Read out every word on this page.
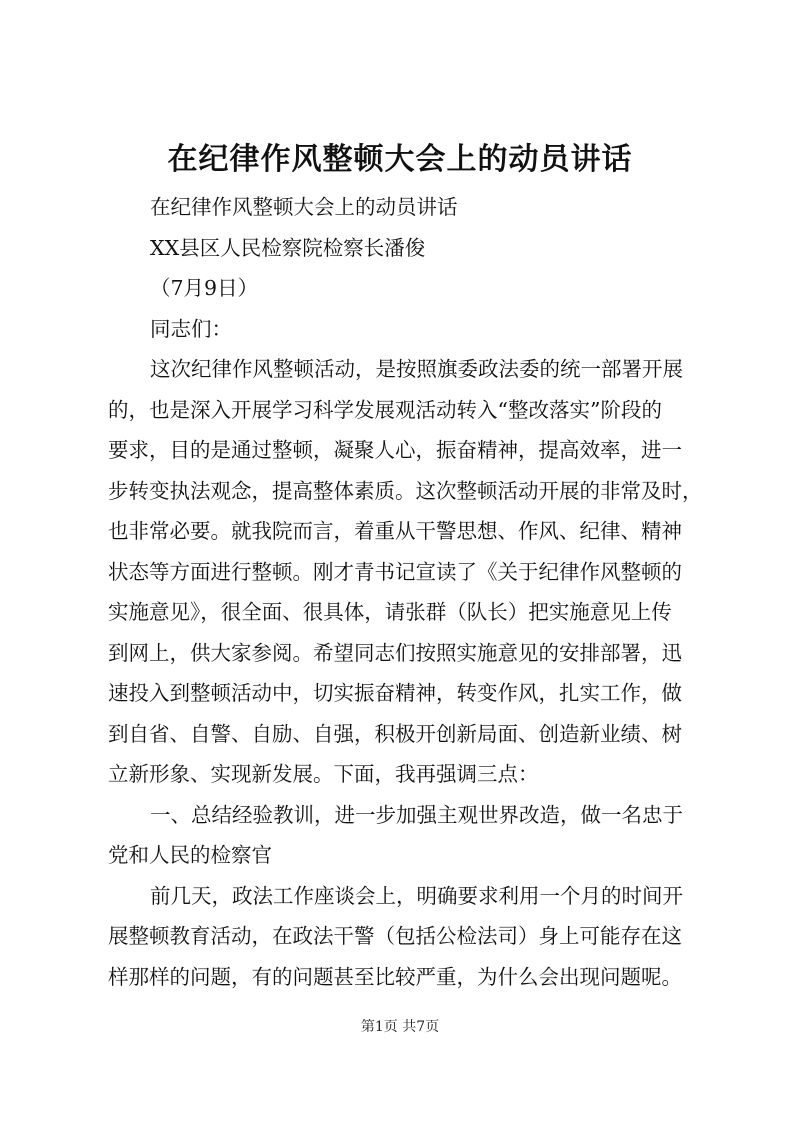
在纪律作风整顿大会上的动员讲话
在纪律作风整顿大会上的动员讲话
XX县区人民检察院检察长潘俊
（7月9日）
同志们：
这次纪律作风整顿活动，是按照旗委政法委的统一部署开展
的，也是深入开展学习科学发展观活动转入“整改落实”阶段的
要求，目的是通过整顿，凝聚人心，振奋精神，提高效率，进一
步转变执法观念，提高整体素质。这次整顿活动开展的非常及时，
也非常必要。就我院而言，着重从干警思想、作风、纪律、精神
状态等方面进行整顿。刚才青书记宣读了《关于纪律作风整顿的
实施意见》，很全面、很具体，请张群（队长）把实施意见上传
到网上，供大家参阅。希望同志们按照实施意见的安排部署，迅
速投入到整顿活动中，切实振奋精神，转变作风，扎实工作，做
到自省、自警、自励、自强，积极开创新局面、创造新业绩、树
立新形象、实现新发展。下面，我再强调三点：
一、总结经验教训，进一步加强主观世界改造，做一名忠于
党和人民的检察官
前几天，政法工作座谈会上，明确要求利用一个月的时间开
展整顿教育活动，在政法干警（包括公检法司）身上可能存在这
样那样的问题，有的问题甚至比较严重，为什么会出现问题呢。
第1页 共7页
